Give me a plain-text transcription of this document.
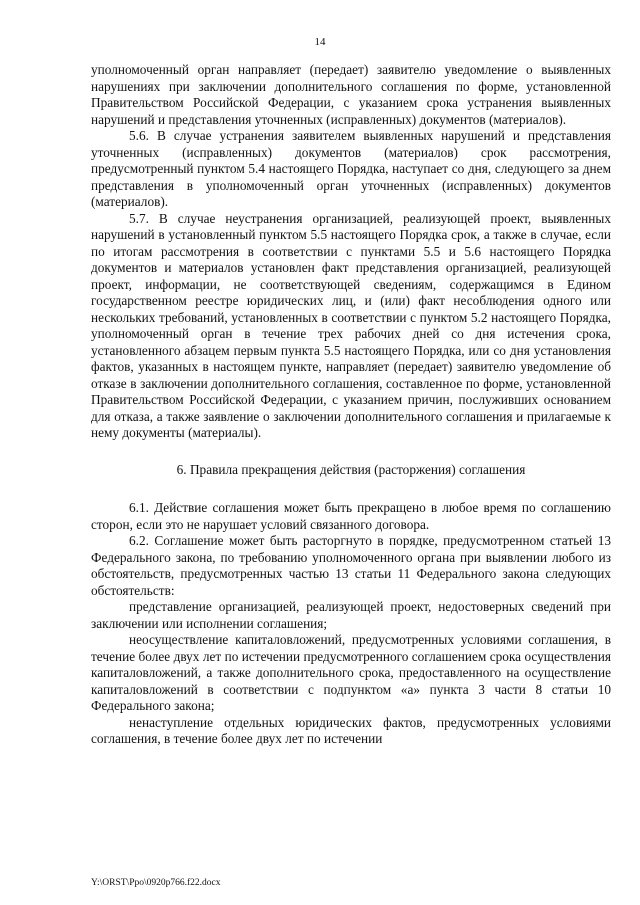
14

уполномоченный орган направляет (передает) заявителю уведомление о выявленных нарушениях при заключении дополнительного соглашения по форме, установленной Правительством Российской Федерации, с указанием срока устранения выявленных нарушений и представления уточненных (исправленных) документов (материалов).

5.6. В случае устранения заявителем выявленных нарушений и представления уточненных (исправленных) документов (материалов) срок рассмотрения, предусмотренный пунктом 5.4 настоящего Порядка, наступает со дня, следующего за днем представления в уполномоченный орган уточненных (исправленных) документов (материалов).

5.7. В случае неустранения организацией, реализующей проект, выявленных нарушений в установленный пунктом 5.5 настоящего Порядка срок, а также в случае, если по итогам рассмотрения в соответствии с пунктами 5.5 и 5.6 настоящего Порядка документов и материалов установлен факт представления организацией, реализующей проект, информации, не соответствующей сведениям, содержащимся в Едином государственном реестре юридических лиц, и (или) факт несоблюдения одного или нескольких требований, установленных в соответствии с пунктом 5.2 настоящего Порядка, уполномоченный орган в течение трех рабочих дней со дня истечения срока, установленного абзацем первым пункта 5.5 настоящего Порядка, или со дня установления фактов, указанных в настоящем пункте, направляет (передает) заявителю уведомление об отказе в заключении дополнительного соглашения, составленное по форме, установленной Правительством Российской Федерации, с указанием причин, послуживших основанием для отказа, а также заявление о заключении дополнительного соглашения и прилагаемые к нему документы (материалы).

6. Правила прекращения действия (расторжения) соглашения

6.1. Действие соглашения может быть прекращено в любое время по соглашению сторон, если это не нарушает условий связанного договора.

6.2. Соглашение может быть расторгнуто в порядке, предусмотренном статьей 13 Федерального закона, по требованию уполномоченного органа при выявлении любого из обстоятельств, предусмотренных частью 13 статьи 11 Федерального закона следующих обстоятельств:

представление организацией, реализующей проект, недостоверных сведений при заключении или исполнении соглашения;

неосуществление капиталовложений, предусмотренных условиями соглашения, в течение более двух лет по истечении предусмотренного соглашением срока осуществления капиталовложений, а также дополнительного срока, предоставленного на осуществление капиталовложений в соответствии с подпунктом «а» пункта 3 части 8 статьи 10 Федерального закона;

ненаступление отдельных юридических фактов, предусмотренных условиями соглашения, в течение более двух лет по истечении

Y:\ORST\Ppo\0920p766.f22.docx
